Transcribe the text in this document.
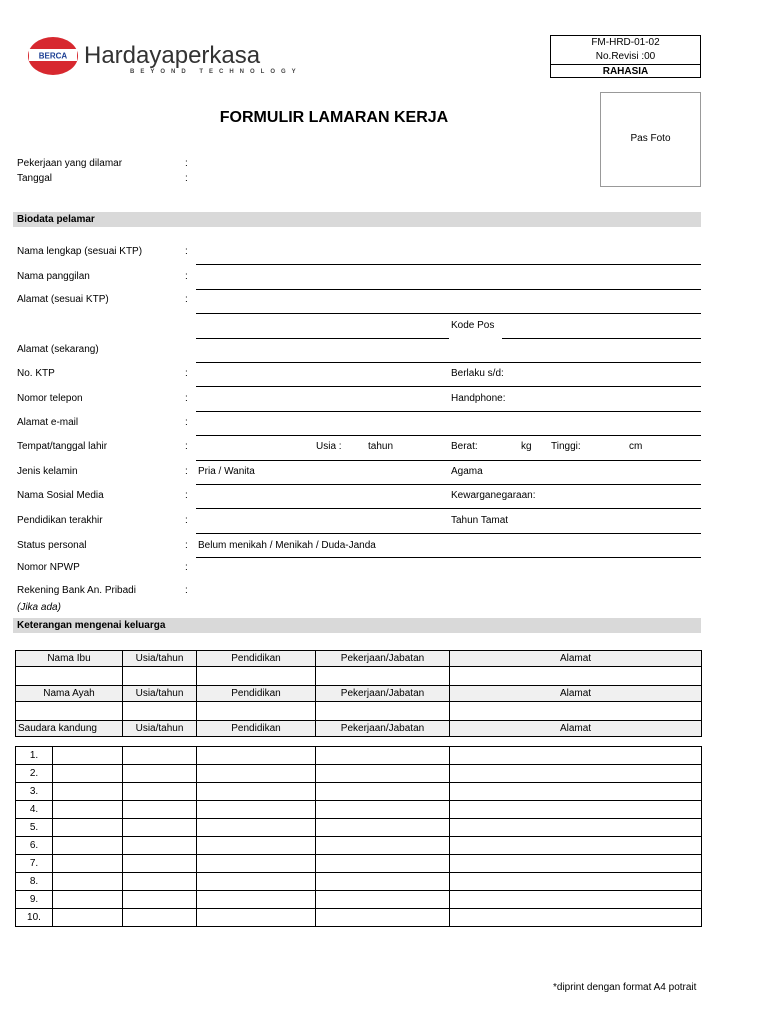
BERCA Hardayaperkasa
BEYOND TECHNOLOGY
FM-HRD-01-02
No.Revisi :00
RAHASIA
Pas Foto
FORMULIR LAMARAN KERJA
Pekerjaan yang dilamar	:
Tanggal	:
Biodata pelamar
Nama lengkap (sesuai KTP)	:
Nama panggilan	:
Alamat (sesuai KTP)	:
Kode Pos
Alamat (sekarang)
No. KTP	:	Berlaku s/d:
Nomor telepon	:	Handphone:
Alamat e-mail	:
Tempat/tanggal lahir	:	Usia :	tahun	Berat:	kg Tinggi:	cm
Jenis kelamin	: Pria / Wanita	Agama
Nama Sosial Media	:	Kewarganegaraan:
Pendidikan terakhir	:	Tahun Tamat
Status personal	: Belum menikah / Menikah / Duda-Janda
Nomor NPWP	:
Rekening Bank An. Pribadi	:
(Jika ada)
Keterangan mengenai keluarga
Nama Ibu	Usia/tahun	Pendidikan	Pekerjaan/Jabatan	Alamat

Nama Ayah	Usia/tahun	Pendidikan	Pekerjaan/Jabatan	Alamat

Saudara kandung	Usia/tahun	Pendidikan	Pekerjaan/Jabatan	Alamat
1.					
2.					
3.					
4.					
5.					
6.					
7.					
8.					
9.					
10.					
*diprint dengan format A4 potrait
